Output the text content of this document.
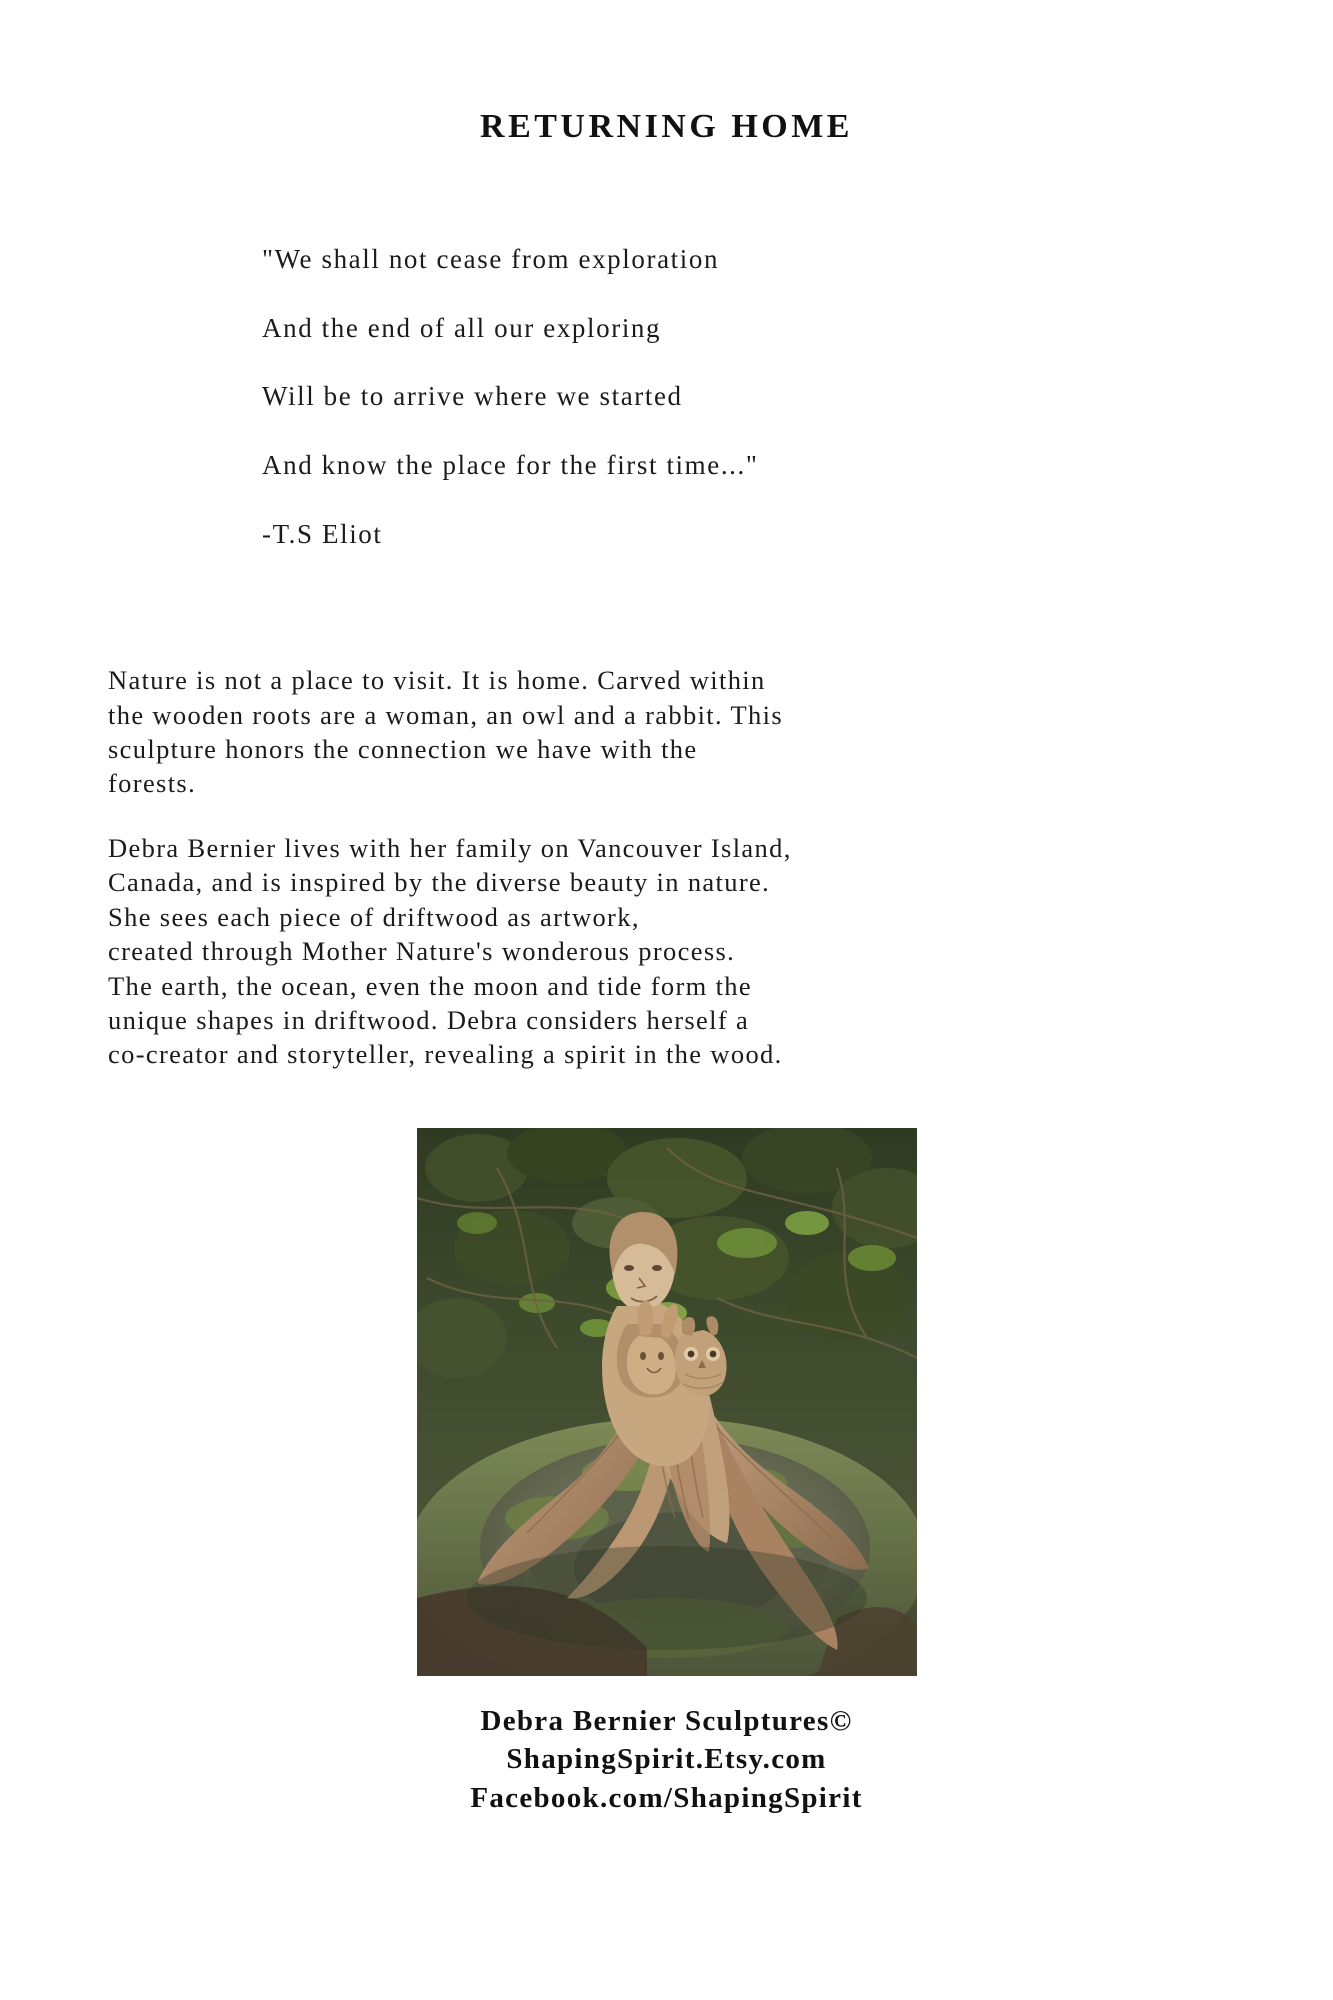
RETURNING HOME

"We shall not cease from exploration

And the end of all our exploring

Will be to arrive where we started

And know the place for the first time..."

-T.S Eliot

Nature is not a place to visit. It is home. Carved within
the wooden roots are a woman, an owl and a rabbit. This
sculpture honors the connection we have with the
forests.
Debra Bernier lives with her family on Vancouver Island,
Canada, and is inspired by the diverse beauty in nature.
She sees each piece of driftwood as artwork,
created through Mother Nature's wonderous process.
The earth, the ocean, even the moon and tide form the
unique shapes in driftwood. Debra considers herself a
co-creator and storyteller, revealing a spirit in the wood.
Debra Bernier Sculptures©
ShapingSpirit.Etsy.com
Facebook.com/ShapingSpirit
